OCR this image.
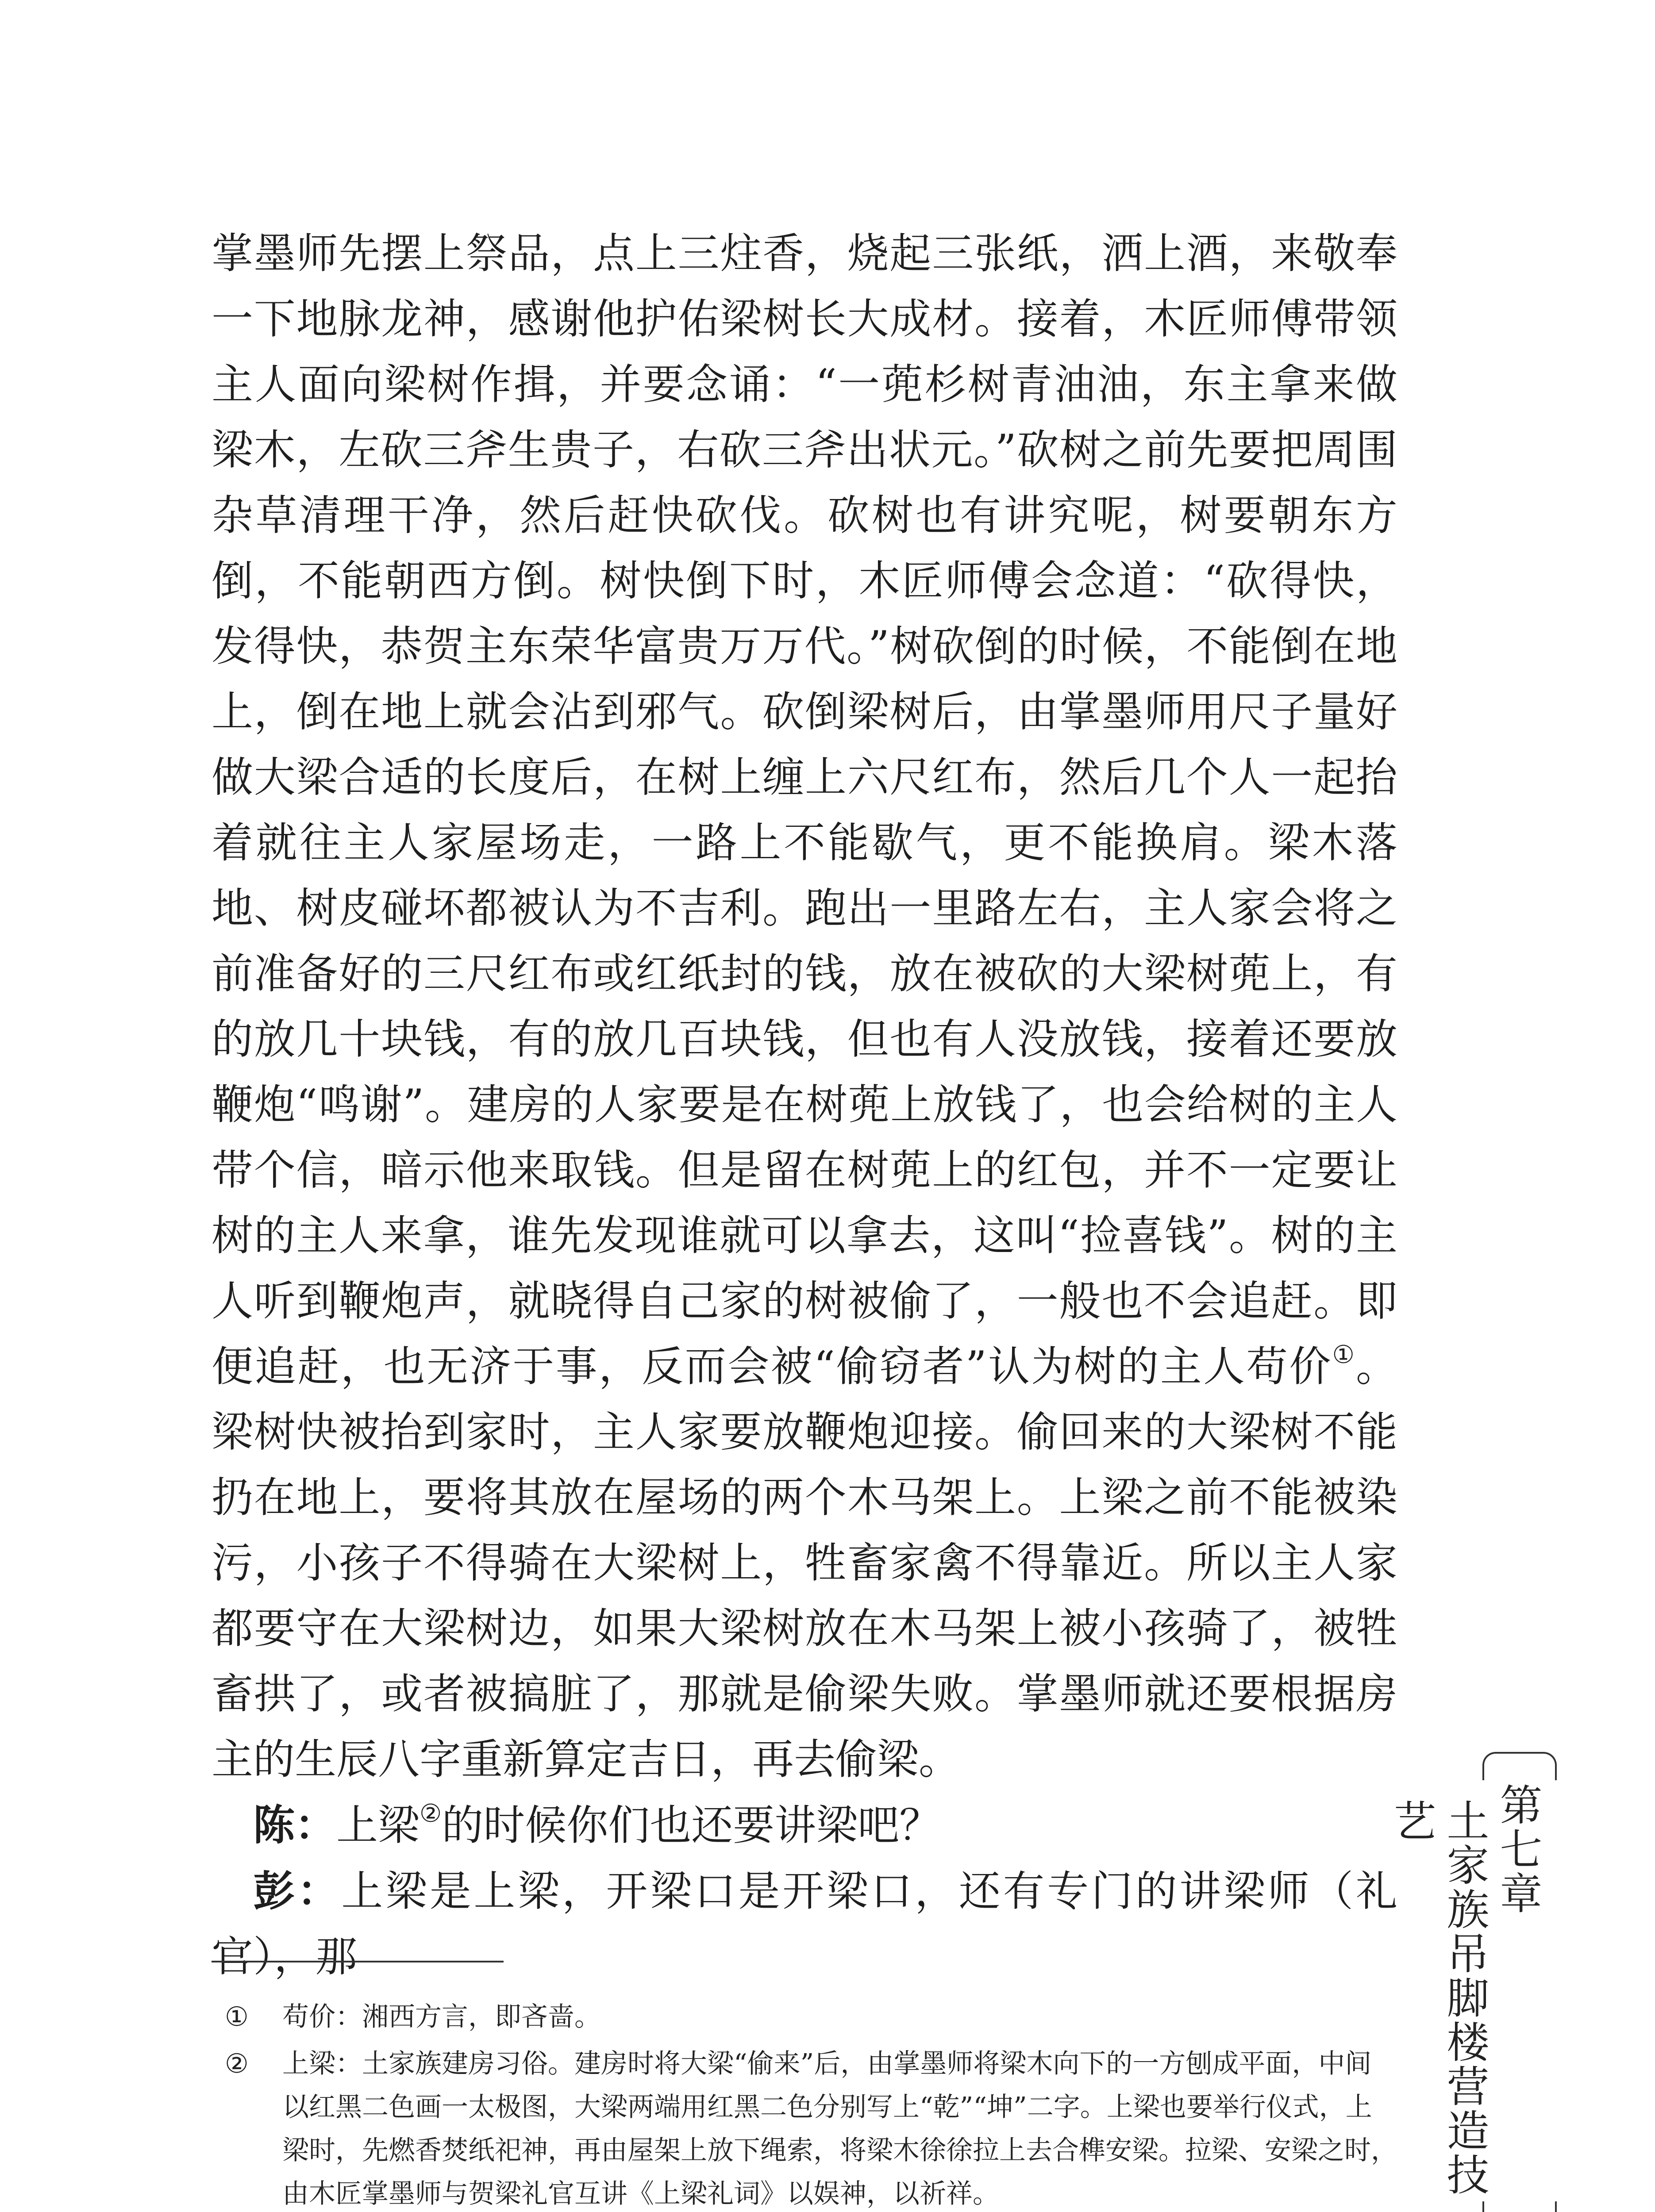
掌墨师先摆上祭品，点上三炷香，烧起三张纸，洒上酒，来敬奉一下地脉龙神，感谢他护佑梁树长大成材。接着，木匠师傅带领主人面向梁树作揖，并要念诵：“一蔸杉树青油油，东主拿来做梁木，左砍三斧生贵子，右砍三斧出状元。”砍树之前先要把周围杂草清理干净，然后赶快砍伐。砍树也有讲究呢，树要朝东方倒，不能朝西方倒。树快倒下时，木匠师傅会念道：“砍得快，发得快，恭贺主东荣华富贵万万代。”树砍倒的时候，不能倒在地上，倒在地上就会沾到邪气。砍倒梁树后，由掌墨师用尺子量好做大梁合适的长度后，在树上缠上六尺红布，然后几个人一起抬着就往主人家屋场走，一路上不能歇气，更不能换肩。梁木落地、树皮碰坏都被认为不吉利。跑出一里路左右，主人家会将之前准备好的三尺红布或红纸封的钱，放在被砍的大梁树蔸上，有的放几十块钱，有的放几百块钱，但也有人没放钱，接着还要放鞭炮“鸣谢”。建房的人家要是在树蔸上放钱了，也会给树的主人带个信，暗示他来取钱。但是留在树蔸上的红包，并不一定要让树的主人来拿，谁先发现谁就可以拿去，这叫“捡喜钱”。树的主人听到鞭炮声，就晓得自己家的树被偷了，一般也不会追赶。即便追赶，也无济于事，反而会被“偷窃者”认为树的主人苟价①。梁树快被抬到家时，主人家要放鞭炮迎接。偷回来的大梁树不能扔在地上，要将其放在屋场的两个木马架上。上梁之前不能被染污，小孩子不得骑在大梁树上，牲畜家禽不得靠近。所以主人家都要守在大梁树边，如果大梁树放在木马架上被小孩骑了，被牲畜拱了，或者被搞脏了，那就是偷梁失败。掌墨师就还要根据房主的生辰八字重新算定吉日，再去偷梁。

陈：上梁②的时候你们也还要讲梁吧？

彭：上梁是上梁，开梁口是开梁口，还有专门的讲梁师（礼官），那

① 苟价：湘西方言，即吝啬。

② 上梁：土家族建房习俗。建房时将大梁“偷来”后，由掌墨师将梁木向下的一方刨成平面，中间以红黑二色画一太极图，大梁两端用红黑二色分别写上“乾”“坤”二字。上梁也要举行仪式，上梁时，先燃香焚纸祀神，再由屋架上放下绳索，将梁木徐徐拉上去合榫安梁。拉梁、安梁之时，由木匠掌墨师与贺梁礼官互讲《上梁礼词》以娱神，以祈祥。

第七章
土家族吊脚楼营造技艺
